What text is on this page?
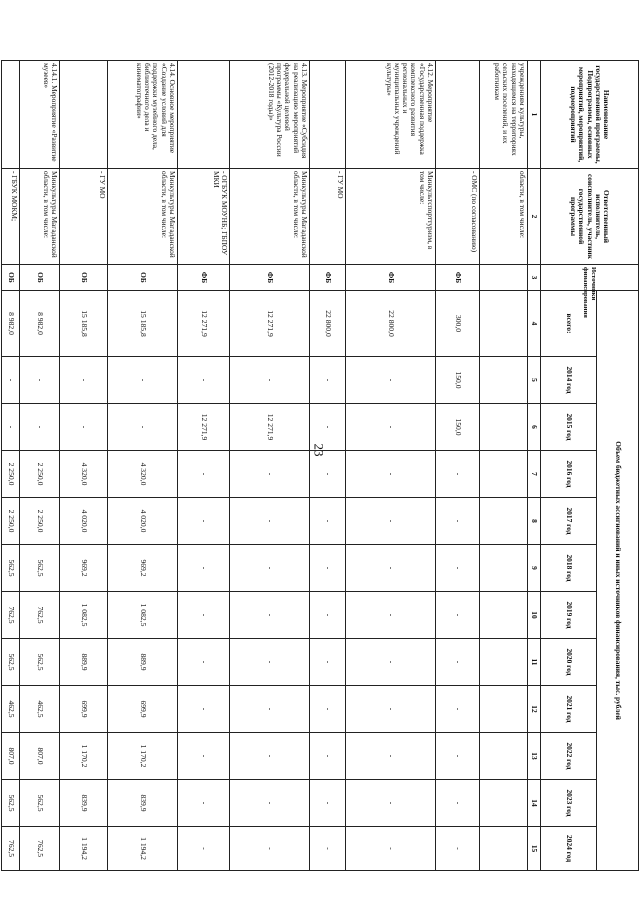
23
Наименование государственной программы, Подпрограммы, основных мероприятий, мероприятий, подмероприятий	Ответственный исполнитель, соисполнитель, участник государственной программы	Источники финансирования	Объем бюджетных ассигнований и иных источников финансирования, тыс. рублей											
			всего:	2014 год	2015 год	2016 год	2017 год	2018 год	2019 год	2020 год	2021 год	2022 год	2023 год	2024 год
1	2	3	4	5	6	7	8	9	10	11	12	13	14	15
учреждениям культуры, находящимся на территориях сельских поселений, и их работникам	области, в том числе:													
	- ОМС (по согласованию)	ФБ	300,0	150,0	150,0	-	-	-	-	-	-	-	-	-
4.12. Мероприятие «Государственная поддержка комплексного развития региональных и муниципальных учреждений культуры»	Минкультспорттуризм, в том числе:	ФБ	22 800,0	-	-	-	-	-	-	-	-	-	-	-
	- ГУ МО	ФБ	22 800,0	-	-	-	-	-	-	-	-	-	-	-
4.13. Мероприятие «Субсидия на реализацию мероприятий федеральной целевой программы «Культура России (2012-2018 годы)»	Минкультуры Магаданской области, в том числе:	ФБ	12 271,9	-	12 271,9	-	-	-	-	-	-	-	-	-
	- ОГБУК МОУНБ; ГБПОУ МКИ	ФБ	12 271,9	-	12 271,9	-	-	-	-	-	-	-	-	-
4.14. Основное мероприятие «Создание условий для поддержки музейного дела, библиотечного дела и кинематографии»	Минкультуры Магаданской области, в том числе:	ОБ	15 185,8	-	-	4 320,0	4 020,0	969,2	1 082,5	889,9	699,9	1 170,2	839,9	1 194,2
	- ГУ МО	ОБ	15 185,8	-	-	4 320,0	4 020,0	969,2	1 082,5	889,9	699,9	1 170,2	839,9	1 194,2
4.14.1. Мероприятие «Развитие музеев»	Минкультуры Магаданской области, в том числе:	ОБ	8 982,0	-	-	2 250,0	2 250,0	562,5	762,5	562,5	462,5	807,0	562,5	762,5
	- ГБУК МОКМ;	ОБ	8 982,0	-	-	2 250,0	2 250,0	562,5	762,5	562,5	462,5	807,0	562,5	762,5
